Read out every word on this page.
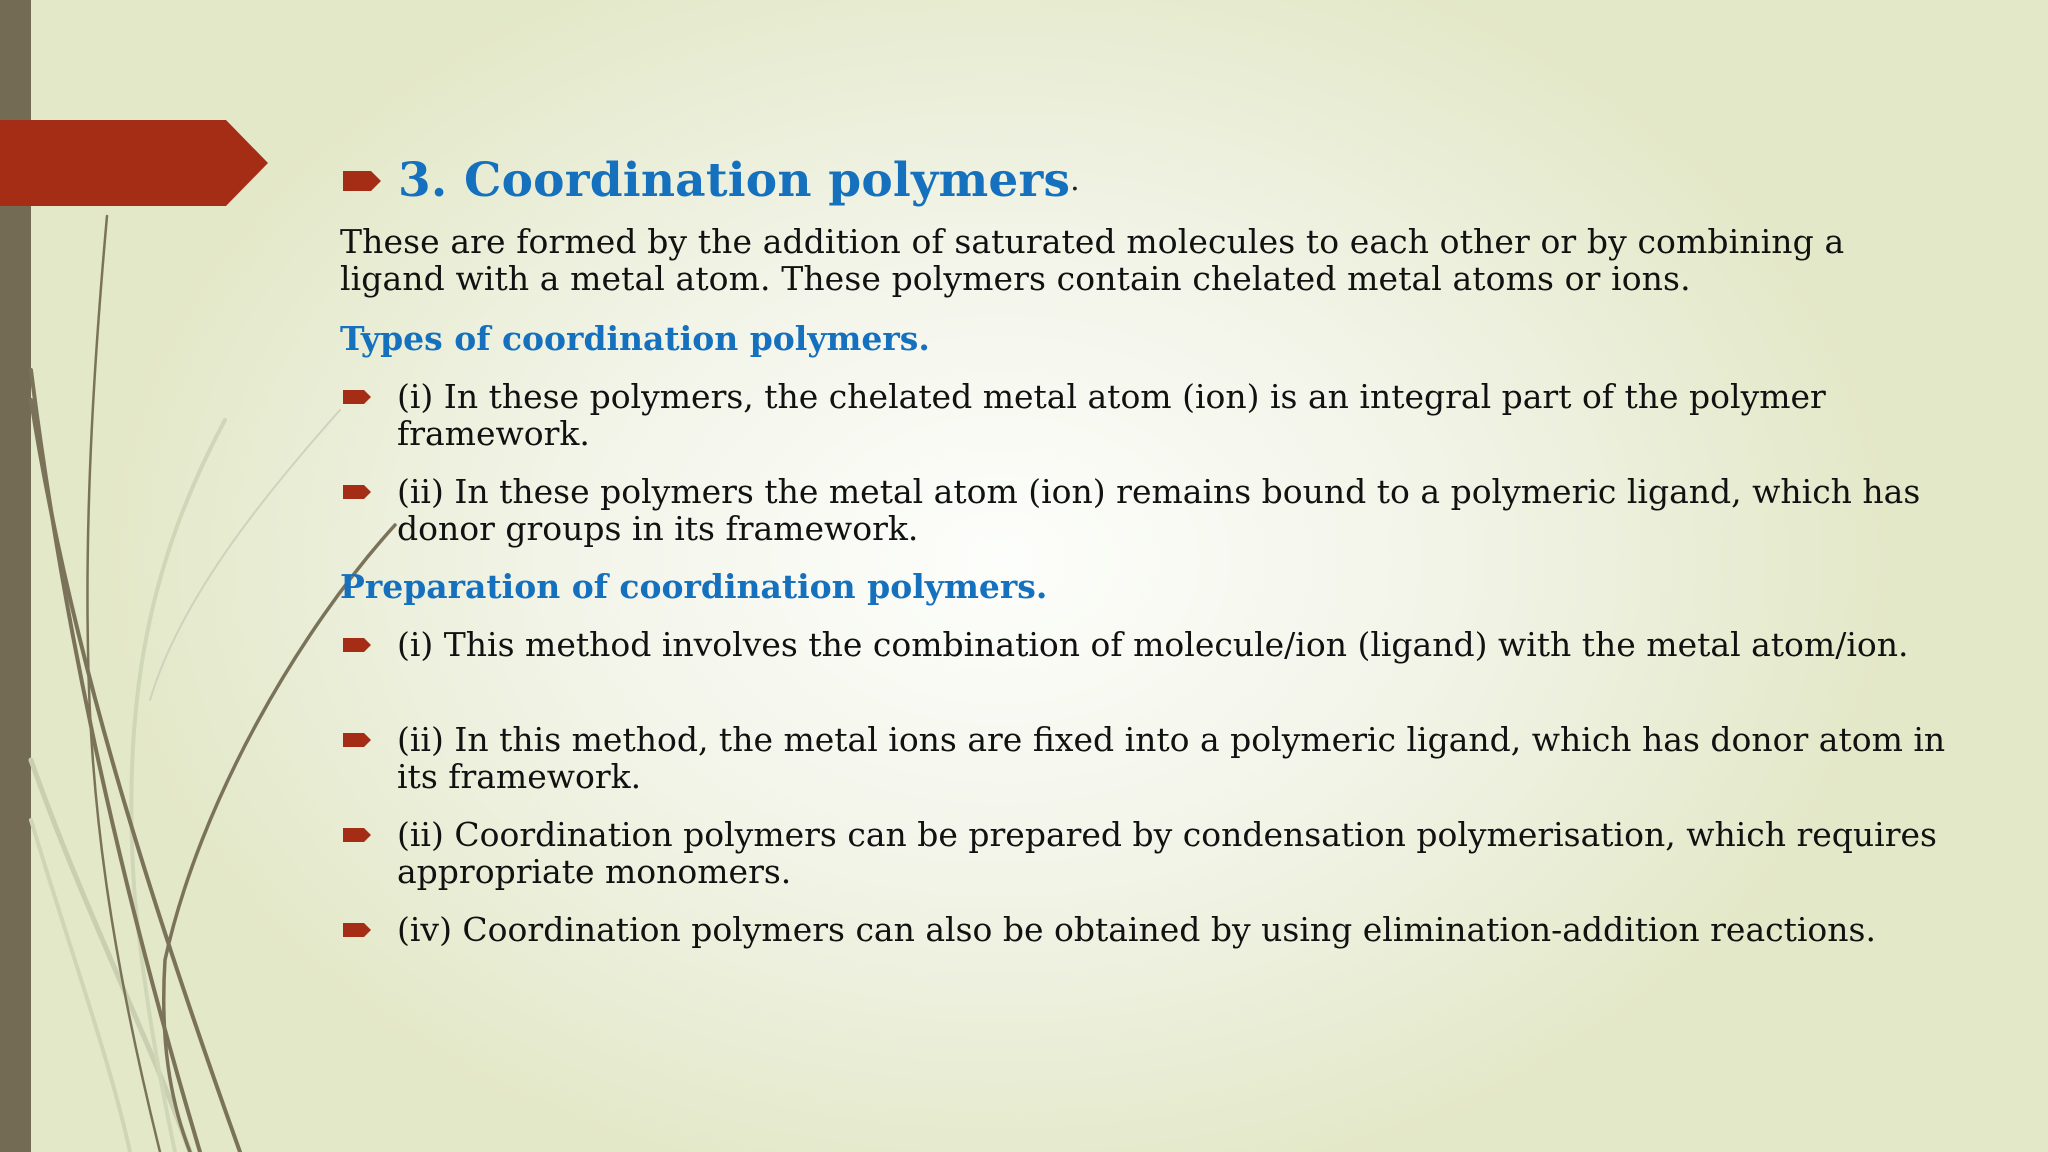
3. Coordination polymers .
These are formed by the addition of saturated molecules to each other or by combining a ligand with a metal atom. These polymers contain chelated metal atoms or ions.
Types of coordination polymers.
(i) In these polymers, the chelated metal atom (ion) is an integral part of the polymer framework.
(ii) In these polymers the metal atom (ion) remains bound to a polymeric ligand, which has donor groups in its framework.
Preparation of coordination polymers.
(i) This method involves the combination of molecule/ion (ligand) with the metal atom/ion.
(ii) In this method, the metal ions are fixed into a polymeric ligand, which has donor atom in its framework.
(ii) Coordination polymers can be prepared by condensation polymerisation, which requires appropriate monomers.
(iv) Coordination polymers can also be obtained by using elimination-addition reactions.
